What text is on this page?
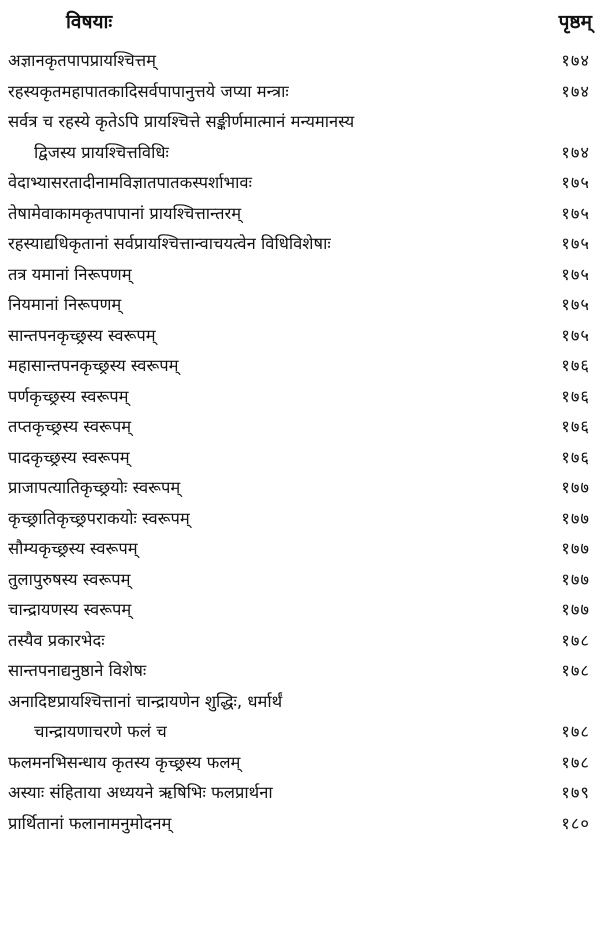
विषयाः	पृष्ठम्
अज्ञानकृतपापप्रायश्चित्तम्	१७४
रहस्यकृतमहापातकादिसर्वपापानुत्तये जप्या मन्त्राः	१७४
सर्वत्र च रहस्ये कृतेऽपि प्रायश्चित्ते सङ्कीर्णमात्मानं मन्यमानस्य
द्विजस्य प्रायश्चित्तविधिः	१७४
वेदाभ्यासरतादीनामविज्ञातपातकस्पर्शाभावः	१७५
तेषामेवाकामकृतपापानां प्रायश्चित्तान्तरम्	१७५
रहस्याद्यधिकृतानां सर्वप्रायश्चित्तान्वाचयत्वेन विधिविशेषाः	१७५
तत्र यमानां निरूपणम्	१७५
नियमानां निरूपणम्	१७५
सान्तपनकृच्छ्रस्य स्वरूपम्	१७५
महासान्तपनकृच्छ्रस्य स्वरूपम्	१७६
पर्णकृच्छ्रस्य स्वरूपम्	१७६
तप्तकृच्छ्रस्य स्वरूपम्	१७६
पादकृच्छ्रस्य स्वरूपम्	१७६
प्राजापत्यातिकृच्छ्रयोः स्वरूपम्	१७७
कृच्छ्रातिकृच्छ्रपराकयोः स्वरूपम्	१७७
सौम्यकृच्छ्रस्य स्वरूपम्	१७७
तुलापुरुषस्य स्वरूपम्	१७७
चान्द्रायणस्य स्वरूपम्	१७७
तस्यैव प्रकारभेदः	१७८
सान्तपनाद्यनुष्ठाने विशेषः	१७८
अनादिष्टप्रायश्चित्तानां चान्द्रायणेन शुद्धिः, धर्मार्थं
चान्द्रायणाचरणे फलं च	१७८
फलमनभिसन्धाय कृतस्य कृच्छ्रस्य फलम्	१७८
अस्याः संहिताया अध्ययने ऋषिभिः फलप्रार्थना	१७९
प्रार्थितानां फलानामनुमोदनम्	१८०
